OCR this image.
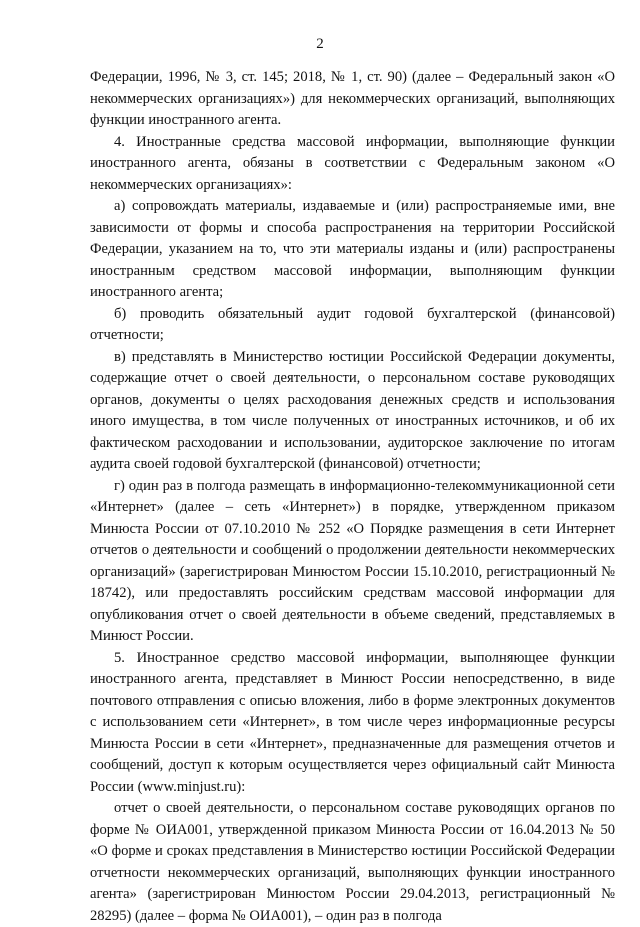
2

Федерации, 1996, № 3, ст. 145; 2018, № 1, ст. 90) (далее – Федеральный закон «О некоммерческих организациях») для некоммерческих организаций, выполняющих функции иностранного агента.

4. Иностранные средства массовой информации, выполняющие функции иностранного агента, обязаны в соответствии с Федеральным законом «О некоммерческих организациях»:

а) сопровождать материалы, издаваемые и (или) распространяемые ими, вне зависимости от формы и способа распространения на территории Российской Федерации, указанием на то, что эти материалы изданы и (или) распространены иностранным средством массовой информации, выполняющим функции иностранного агента;

б) проводить обязательный аудит годовой бухгалтерской (финансовой) отчетности;

в) представлять в Министерство юстиции Российской Федерации документы, содержащие отчет о своей деятельности, о персональном составе руководящих органов, документы о целях расходования денежных средств и использования иного имущества, в том числе полученных от иностранных источников, и об их фактическом расходовании и использовании, аудиторское заключение по итогам аудита своей годовой бухгалтерской (финансовой) отчетности;

г) один раз в полгода размещать в информационно-телекоммуникационной сети «Интернет» (далее – сеть «Интернет») в порядке, утвержденном приказом Минюста России от 07.10.2010 № 252 «О Порядке размещения в сети Интернет отчетов о деятельности и сообщений о продолжении деятельности некоммерческих организаций» (зарегистрирован Минюстом России 15.10.2010, регистрационный № 18742), или предоставлять российским средствам массовой информации для опубликования отчет о своей деятельности в объеме сведений, представляемых в Минюст России.

5. Иностранное средство массовой информации, выполняющее функции иностранного агента, представляет в Минюст России непосредственно, в виде почтового отправления с описью вложения, либо в форме электронных документов с использованием сети «Интернет», в том числе через информационные ресурсы Минюста России в сети «Интернет», предназначенные для размещения отчетов и сообщений, доступ к которым осуществляется через официальный сайт Минюста России (www.minjust.ru):

отчет о своей деятельности, о персональном составе руководящих органов по форме № ОИА001, утвержденной приказом Минюста России от 16.04.2013 № 50 «О форме и сроках представления в Министерство юстиции Российской Федерации отчетности некоммерческих организаций, выполняющих функции иностранного агента» (зарегистрирован Минюстом России 29.04.2013, регистрационный № 28295) (далее – форма № ОИА001), – один раз в полгода
